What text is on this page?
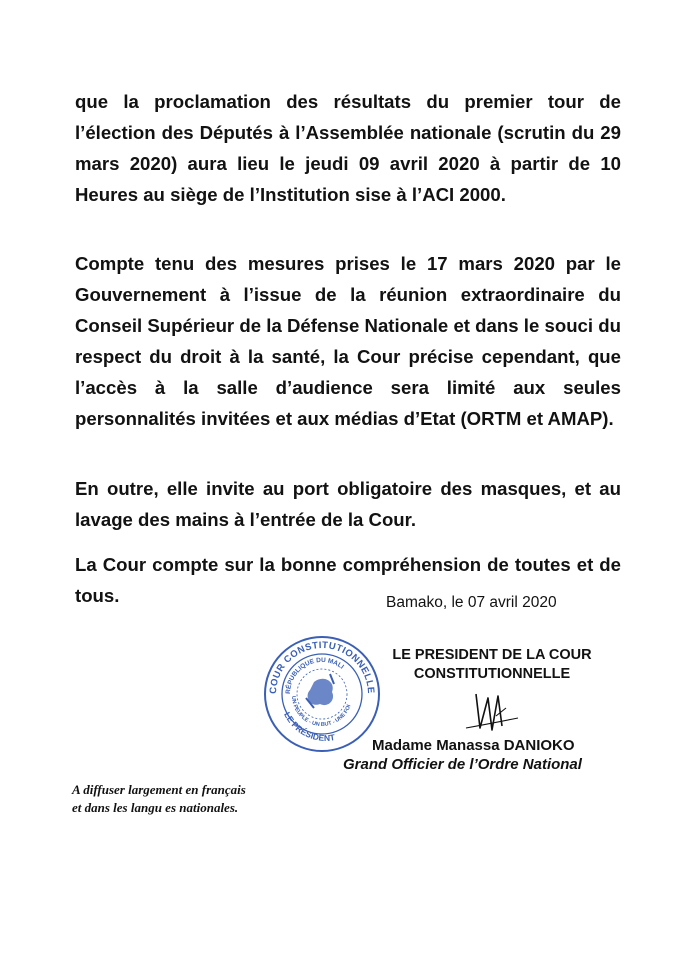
que la proclamation des résultats du premier tour de l’élection des Députés à l’Assemblée nationale (scrutin du 29 mars 2020) aura lieu le jeudi 09 avril 2020 à partir de 10 Heures au siège de l’Institution sise à l’ACI 2000.

Compte tenu des mesures prises le 17 mars 2020 par le Gouvernement à l’issue de la réunion extraordinaire du Conseil Supérieur de la Défense Nationale et dans le souci du respect du droit à la santé, la Cour précise cependant, que l’accès à la salle d’audience sera limité aux seules personnalités invitées et aux médias d’Etat (ORTM et AMAP).

En outre, elle invite au port obligatoire des masques, et au lavage des mains à l’entrée de la Cour.

La Cour compte sur la bonne compréhension de toutes et de tous.	Bamako, le 07 avril 2020
COUR CONSTITUTIONNELLE
RÉPUBLIQUE DU MALI
UN PEUPLE - UN BUT - UNE FOI
LE PRÉSIDENT
LE PRESIDENT DE LA COUR
CONSTITUTIONNELLE
Madame Manassa DANIOKO
Grand Officier de l’Ordre National
A diffuser largement en français
et dans les langu es nationales.
